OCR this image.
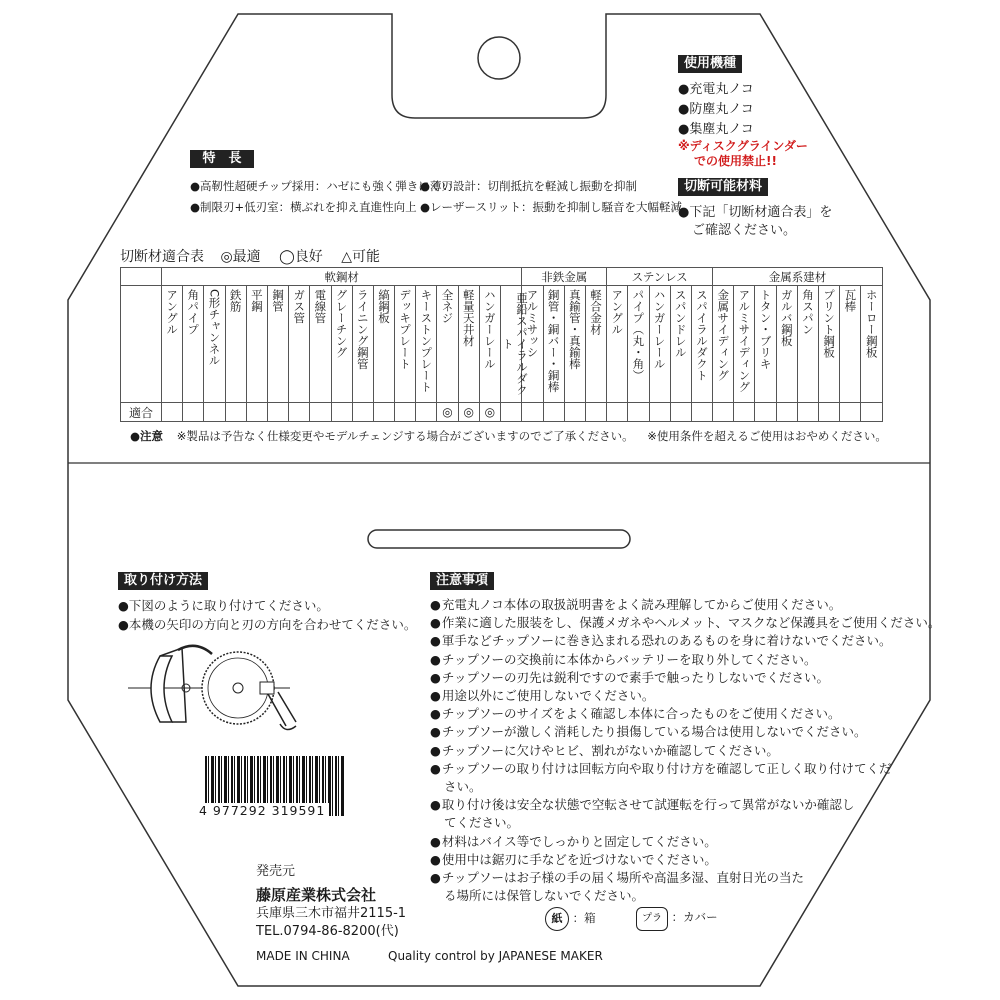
使用機種
●充電丸ノコ
●防塵丸ノコ
●集塵丸ノコ
※ディスクグラインダー
での使用禁止!!
切断可能材料
●下記「切断材適合表」を
ご確認ください。
特　長
● 高靭性超硬チップ採用：ハゼにも強く弾きにくい
● 薄刃設計：切削抵抗を軽減し振動を抑制
● 制限刃+低刃室：横ぶれを抑え直進性向上	● レーザースリット：振動を抑制し騒音を大幅軽減
切断材適合表 ◎最適 ◯良好 △可能
	軟鋼材																	非鉄金属				ステンレス					金属系建材							
	アングル	角パイプ	C形チャンネル	鉄筋	平鋼	鋼管	ガス管	電線管	グレーチング	ライニング鋼管	縞鋼板	デッキプレート	キーストンプレート	全ネジ	軽量天井材	ハンガーレール	亜鉛スパイラルダクト	アルミサッシ	銅管・銅バー・銅棒	真鍮管・真鍮棒	軽合金材	アングル	パイプ（丸・角）	ハンガーレール	スパンドレル	スパイラルダクト	金属サイディング	アルミサイディング	トタン・ブリキ	ガルバ鋼板	角スパン	プリント鋼板	瓦棒	ホーロー鋼板
適合														◎	◎	◎																		
●注意 ※製品は予告なく仕様変更やモデルチェンジする場合がございますのでご了承ください。 ※使用条件を超えるご使用はおやめください。
取り付け方法
●下図のように取り付けてください。
●本機の矢印の方向と刃の方向を合わせてください。
4 977292 319591
発売元
藤原産業株式会社
兵庫県三木市福井2115-1
TEL.0794-86-8200(代)
MADE IN CHINA	Quality control by JAPANESE MAKER
注意事項
● 充電丸ノコ本体の取扱説明書をよく読み理解してからご使用ください。
● 作業に適した服装をし、保護メガネやヘルメット、マスクなど保護具をご使用ください。
● 軍手などチップソーに巻き込まれる恐れのあるものを身に着けないでください。
● チップソーの交換前に本体からバッテリーを取り外してください。
● チップソーの刃先は鋭利ですので素手で触ったりしないでください。
● 用途以外にご使用しないでください。
● チップソーのサイズをよく確認し本体に合ったものをご使用ください。
● チップソーが激しく消耗したり損傷している場合は使用しないでください。
● チップソーに欠けやヒビ、割れがないか確認してください。
● チップソーの取り付けは回転方向や取り付け方を確認して正しく取り付けてくだ
さい。
● 取り付け後は安全な状態で空転させて試運転を行って異常がないか確認し
てください。
● 材料はバイス等でしっかりと固定してください。
● 使用中は鋸刃に手などを近づけないでください。
● チップソーはお子様の手の届く場所や高温多湿、直射日光の当た
る場所には保管しないでください。
紙 ：箱	プラ ：カバー
